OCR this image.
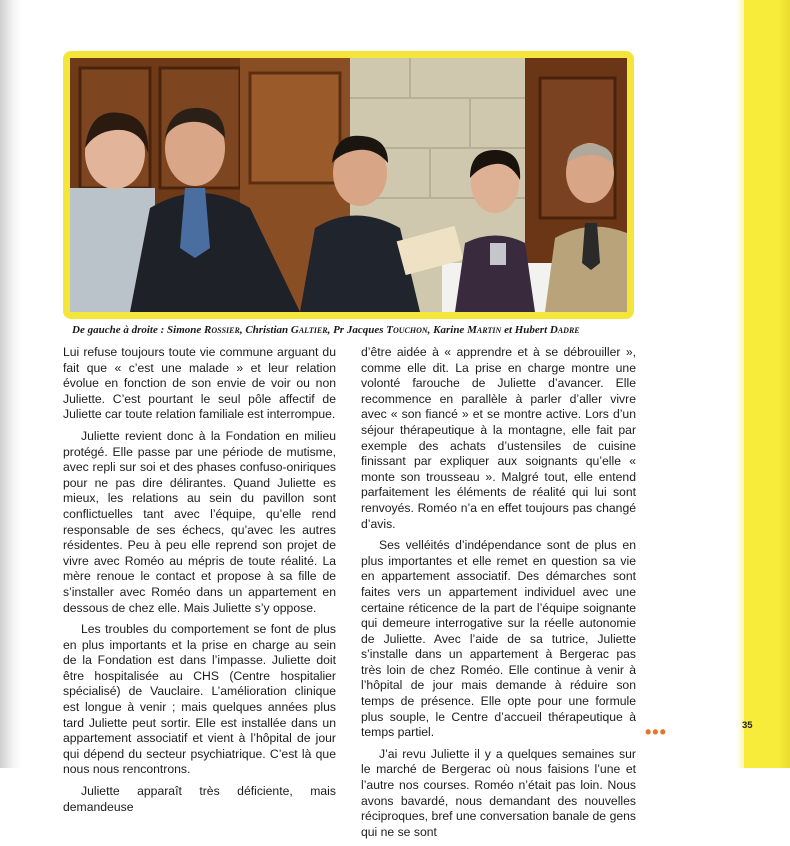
De gauche à droite : Simone Rossier, Christian Galtier, Pr Jacques Touchon, Karine Martin et Hubert Dadre

Lui refuse toujours toute vie commune arguant du fait que « c’est une malade » et leur relation évolue en fonction de son envie de voir ou non Juliette. C’est pourtant le seul pôle affectif de Juliette car toute relation familiale est interrompue.

Juliette revient donc à la Fondation en milieu protégé. Elle passe par une période de mutisme, avec repli sur soi et des phases confuso-oniriques pour ne pas dire délirantes. Quand Juliette es mieux, les relations au sein du pavillon sont conflictuelles tant avec l’équipe, qu’elle rend responsable de ses échecs, qu’avec les autres résidentes. Peu à peu elle reprend son projet de vivre avec Roméo au mépris de toute réalité. La mère renoue le contact et propose à sa fille de s’installer avec Roméo dans un appartement en dessous de chez elle. Mais Juliette s’y oppose.

Les troubles du comportement se font de plus en plus importants et la prise en charge au sein de la Fondation est dans l’impasse. Juliette doit être hospitalisée au CHS (Centre hospitalier spécialisé) de Vauclaire. L’amélioration clinique est longue à venir ; mais quelques années plus tard Juliette peut sortir. Elle est installée dans un appartement associatif et vient à l’hôpital de jour qui dépend du secteur psychiatrique. C’est là que nous nous rencontrons.

Juliette apparaît très déficiente, mais demandeuse

d’être aidée à « apprendre et à se débrouiller », comme elle dit. La prise en charge montre une volonté farouche de Juliette d’avancer. Elle recommence en parallèle à parler d’aller vivre avec « son fiancé » et se montre active. Lors d’un séjour thérapeutique à la montagne, elle fait par exemple des achats d’ustensiles de cuisine finissant par expliquer aux soignants qu’elle « monte son trousseau ». Malgré tout, elle entend parfaitement les éléments de réalité qui lui sont renvoyés. Roméo n’a en effet toujours pas changé d’avis.

Ses velléités d’indépendance sont de plus en plus importantes et elle remet en question sa vie en appartement associatif. Des démarches sont faites vers un appartement individuel avec une certaine réticence de la part de l’équipe soignante qui demeure interrogative sur la réelle autonomie de Juliette. Avec l’aide de sa tutrice, Juliette s’installe dans un appartement à Bergerac pas très loin de chez Roméo. Elle continue à venir à l’hôpital de jour mais demande à réduire son temps de présence. Elle opte pour une formule plus souple, le Centre d’accueil thérapeutique à temps partiel.

J’ai revu Juliette il y a quelques semaines sur le marché de Bergerac où nous faisions l’une et l’autre nos courses. Roméo n’était pas loin. Nous avons bavardé, nous demandant des nouvelles réciproques, bref une conversation banale de gens qui ne se sont

•••	35
